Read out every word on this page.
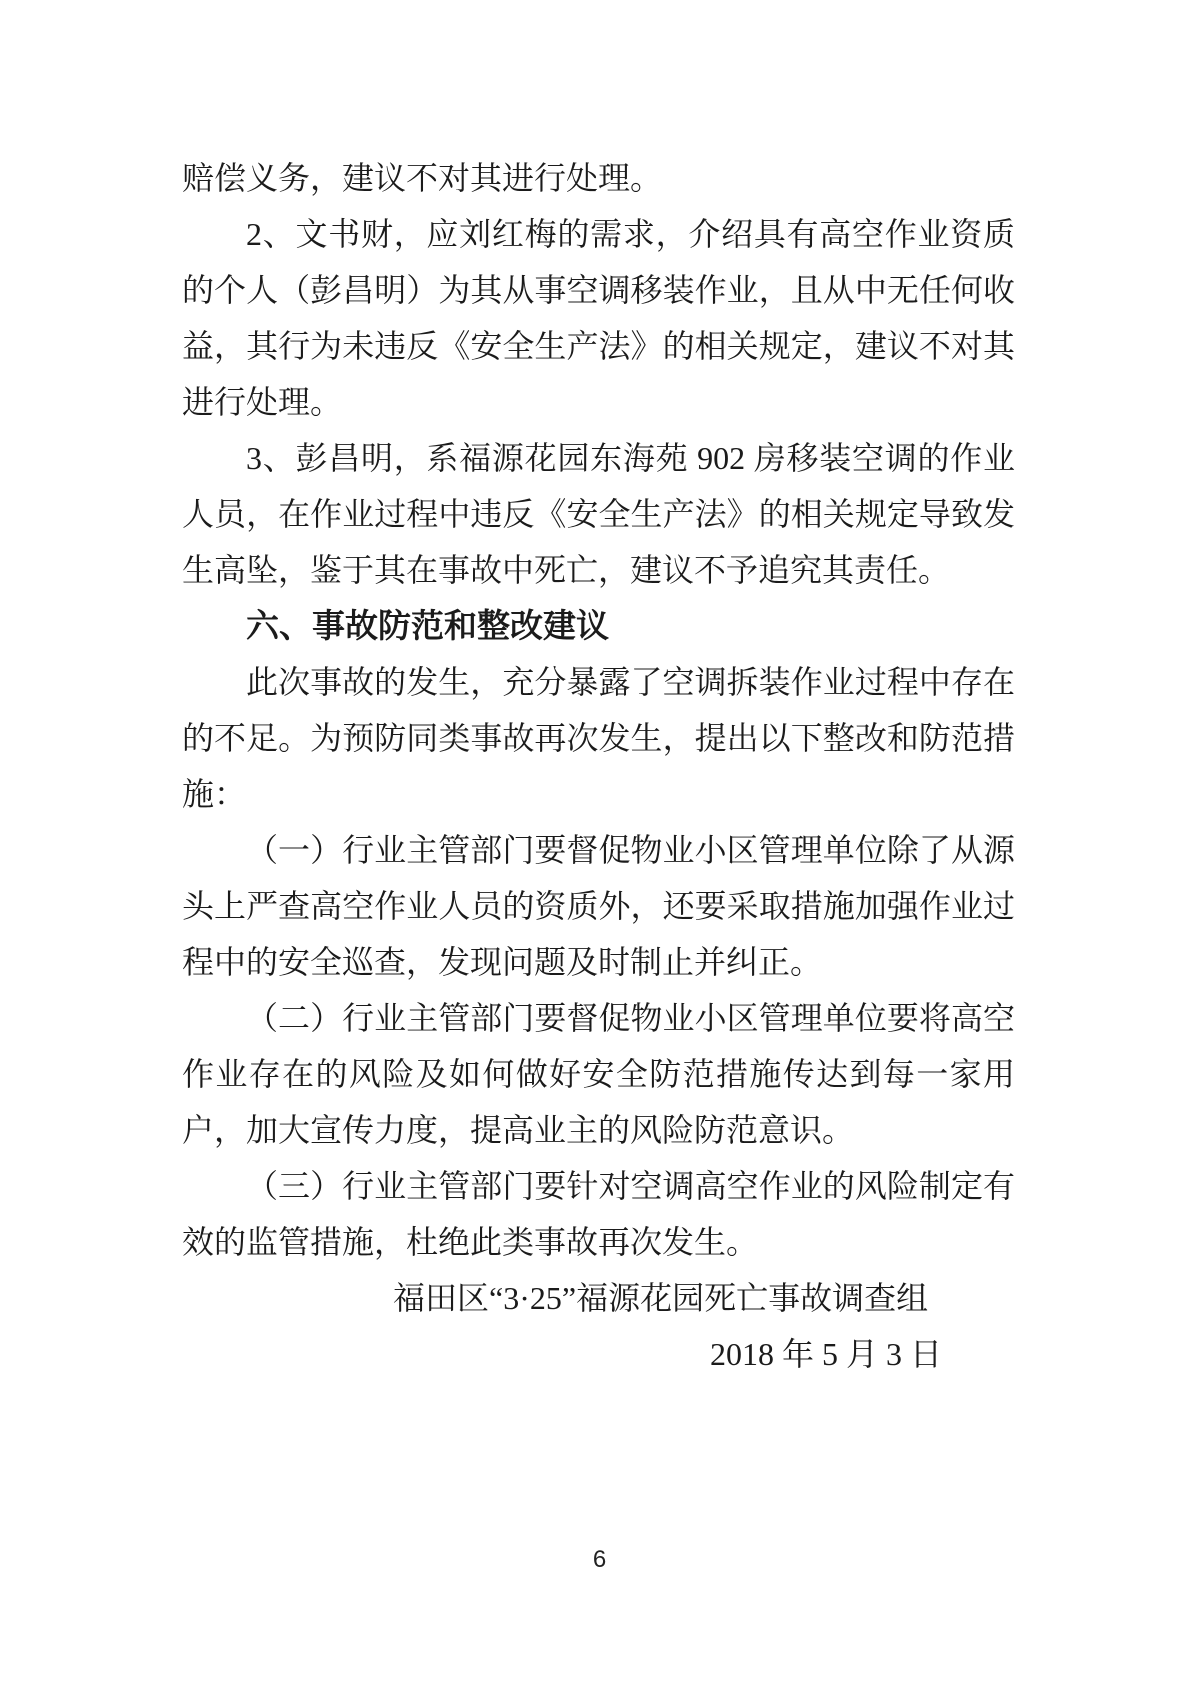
赔偿义务，建议不对其进行处理。
2、文书财，应刘红梅的需求，介绍具有高空作业资质
的个人（彭昌明）为其从事空调移装作业，且从中无任何收
益，其行为未违反《安全生产法》的相关规定，建议不对其
进行处理。
3、彭昌明，系福源花园东海苑 902 房移装空调的作业
人员，在作业过程中违反《安全生产法》的相关规定导致发
生高坠，鉴于其在事故中死亡，建议不予追究其责任。
六、事故防范和整改建议
此次事故的发生，充分暴露了空调拆装作业过程中存在
的不足。为预防同类事故再次发生，提出以下整改和防范措
施：
（一）行业主管部门要督促物业小区管理单位除了从源
头上严查高空作业人员的资质外，还要采取措施加强作业过
程中的安全巡查，发现问题及时制止并纠正。
（二）行业主管部门要督促物业小区管理单位要将高空
作业存在的风险及如何做好安全防范措施传达到每一家用
户，加大宣传力度，提高业主的风险防范意识。
（三）行业主管部门要针对空调高空作业的风险制定有
效的监管措施，杜绝此类事故再次发生。
福田区“3·25”福源花园死亡事故调查组
2018 年 5 月 3 日
6
